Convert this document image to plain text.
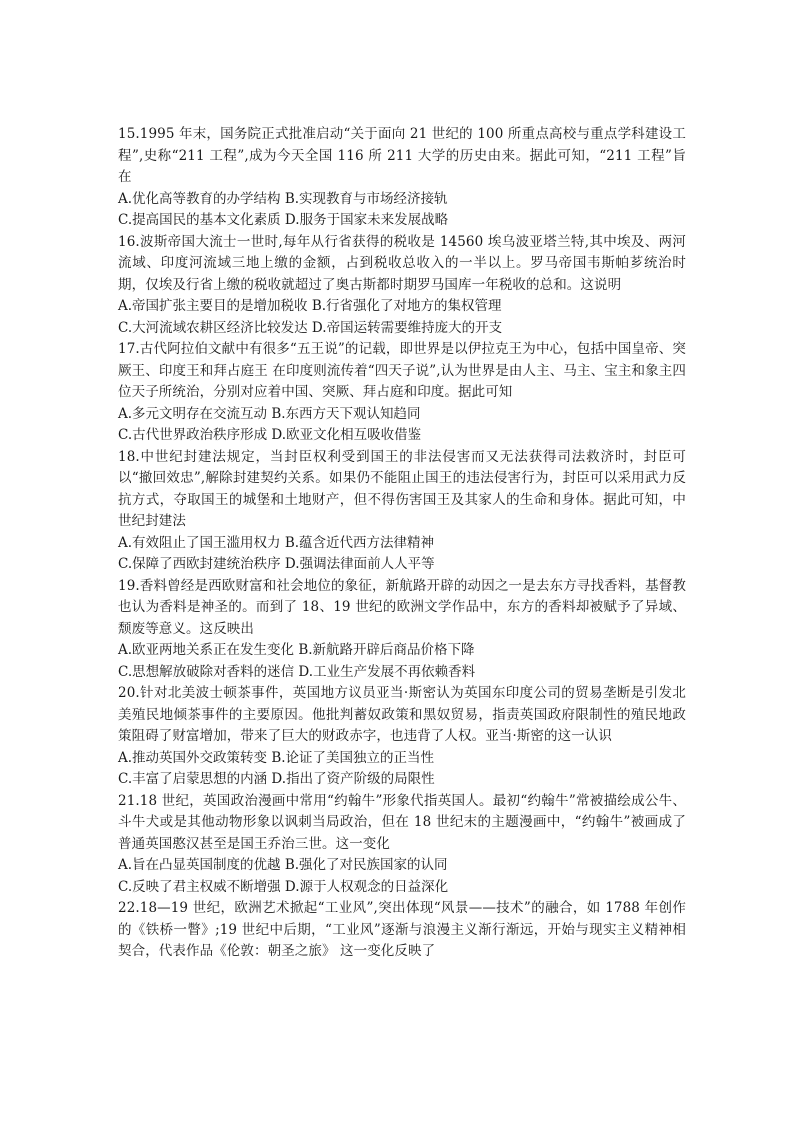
15.1995 年末，国务院正式批准启动“关于面向 21 世纪的 100 所重点高校与重点学科建设工程”,史称“211 工程”,成为今天全国 116 所 211 大学的历史由来。据此可知，“211 工程”旨在

A.优化高等教育的办学结构 B.实现教育与市场经济接轨
C.提高国民的基本文化素质 D.服务于国家未来发展战略

16.波斯帝国大流士一世时,每年从行省获得的税收是 14560 埃乌波亚塔兰特,其中埃及、两河流域、印度河流域三地上缴的金额，占到税收总收入的一半以上。罗马帝国韦斯帕芗统治时期，仅埃及行省上缴的税收就超过了奥古斯都时期罗马国库一年税收的总和。这说明

A.帝国扩张主要目的是增加税收 B.行省强化了对地方的集权管理
C.大河流域农耕区经济比较发达 D.帝国运转需要维持庞大的开支

17.古代阿拉伯文献中有很多“五王说”的记载，即世界是以伊拉克王为中心，包括中国皇帝、突厥王、印度王和拜占庭王 在印度则流传着“四天子说”,认为世界是由人主、马主、宝主和象主四位天子所统治，分别对应着中国、突厥、拜占庭和印度。据此可知

A.多元文明存在交流互动 B.东西方天下观认知趋同
C.古代世界政治秩序形成 D.欧亚文化相互吸收借鉴

18.中世纪封建法规定，当封臣权利受到国王的非法侵害而又无法获得司法救济时，封臣可以“撤回效忠”,解除封建契约关系。如果仍不能阻止国王的违法侵害行为，封臣可以采用武力反抗方式，夺取国王的城堡和土地财产，但不得伤害国王及其家人的生命和身体。据此可知，中世纪封建法

A.有效阻止了国王滥用权力 B.蕴含近代西方法律精神
C.保障了西欧封建统治秩序 D.强调法律面前人人平等

19.香料曾经是西欧财富和社会地位的象征，新航路开辟的动因之一是去东方寻找香料，基督教也认为香料是神圣的。而到了 18、19 世纪的欧洲文学作品中，东方的香料却被赋予了异域、颓废等意义。这反映出

A.欧亚两地关系正在发生变化 B.新航路开辟后商品价格下降
C.思想解放破除对香料的迷信 D.工业生产发展不再依赖香料

20.针对北美波士顿茶事件，英国地方议员亚当·斯密认为英国东印度公司的贸易垄断是引发北美殖民地倾茶事件的主要原因。他批判蓄奴政策和黑奴贸易，指责英国政府限制性的殖民地政策阻碍了财富增加，带来了巨大的财政赤字，也违背了人权。亚当·斯密的这一认识

A.推动英国外交政策转变 B.论证了美国独立的正当性
C.丰富了启蒙思想的内涵 D.指出了资产阶级的局限性

21.18 世纪，英国政治漫画中常用“约翰牛”形象代指英国人。最初“约翰牛”常被描绘成公牛、斗牛犬或是其他动物形象以讽刺当局政治，但在 18 世纪末的主题漫画中，“约翰牛”被画成了普通英国憨汉甚至是国王乔治三世。这一变化

A.旨在凸显英国制度的优越 B.强化了对民族国家的认同
C.反映了君主权威不断增强 D.源于人权观念的日益深化

22.18—19 世纪，欧洲艺术掀起“工业风”,突出体现“风景——技术”的融合，如 1788 年创作的《铁桥一瞥》;19 世纪中后期，“工业风”逐渐与浪漫主义渐行渐远，开始与现实主义精神相契合，代表作品《伦敦：朝圣之旅》 这一变化反映了
